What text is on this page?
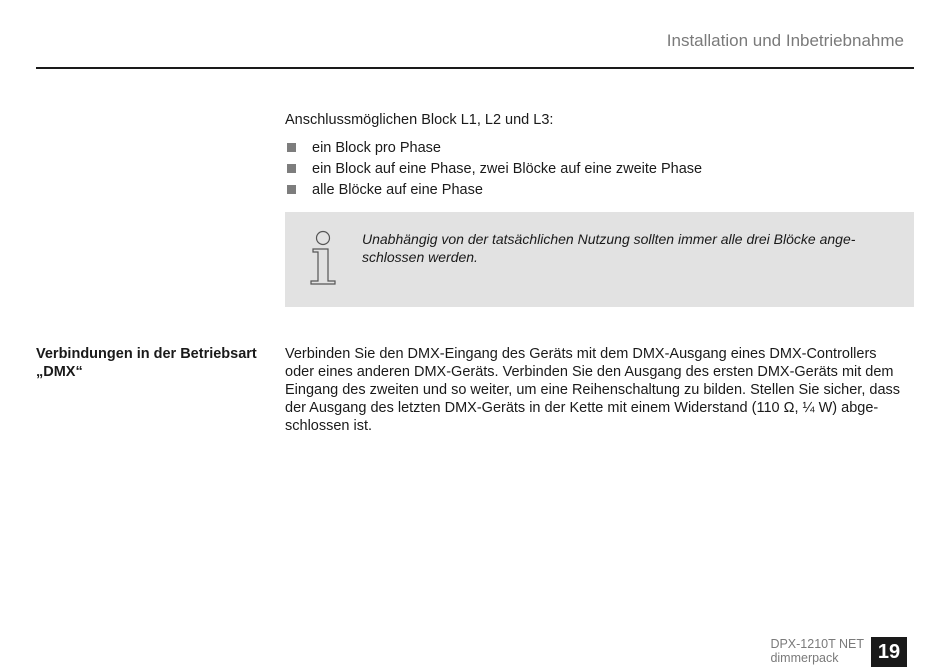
Installation und Inbetriebnahme
Anschlussmöglichen Block L1, L2 und L3:
ein Block pro Phase
ein Block auf eine Phase, zwei Blöcke auf eine zweite Phase
alle Blöcke auf eine Phase
Unabhängig von der tatsächlichen Nutzung sollten immer alle drei Blöcke ange-
schlossen werden.
Verbindungen in der Betriebsart
„DMX“
Verbinden Sie den DMX-Eingang des Geräts mit dem DMX-Ausgang eines DMX-Controllers
oder eines anderen DMX-Geräts. Verbinden Sie den Ausgang des ersten DMX-Geräts mit dem
Eingang des zweiten und so weiter, um eine Reihenschaltung zu bilden. Stellen Sie sicher, dass
der Ausgang des letzten DMX-Geräts in der Kette mit einem Widerstand (110 Ω, ¼ W) abge-
schlossen ist.
DPX-1210T NET
dimmerpack	19
